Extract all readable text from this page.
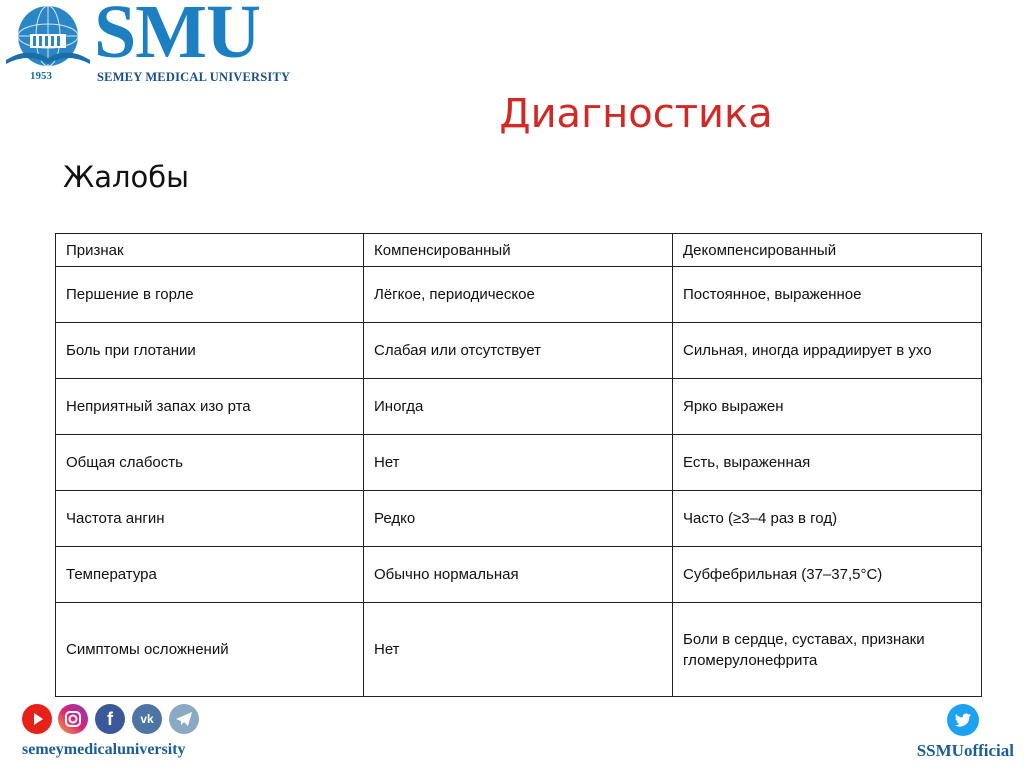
SMU
1953	SEMEY MEDICAL UNIVERSITY
Диагностика
Жалобы
Признак	Компенсированный	Декомпенсированный
Першение в горле	Лёгкое, периодическое	Постоянное, выраженное
Боль при глотании	Слабая или отсутствует	Сильная, иногда иррадиирует в ухо
Неприятный запах изо рта	Иногда	Ярко выражен
Общая слабость	Нет	Есть, выраженная
Частота ангин	Редко	Часто (≥3–4 раз в год)
Температура	Обычно нормальная	Субфебрильная (37–37,5°С)
Симптомы осложнений	Нет	Боли в сердце, суставах, признаки гломерулонефрита
f	vk
semeymedicaluniversity	SSMUofficial
